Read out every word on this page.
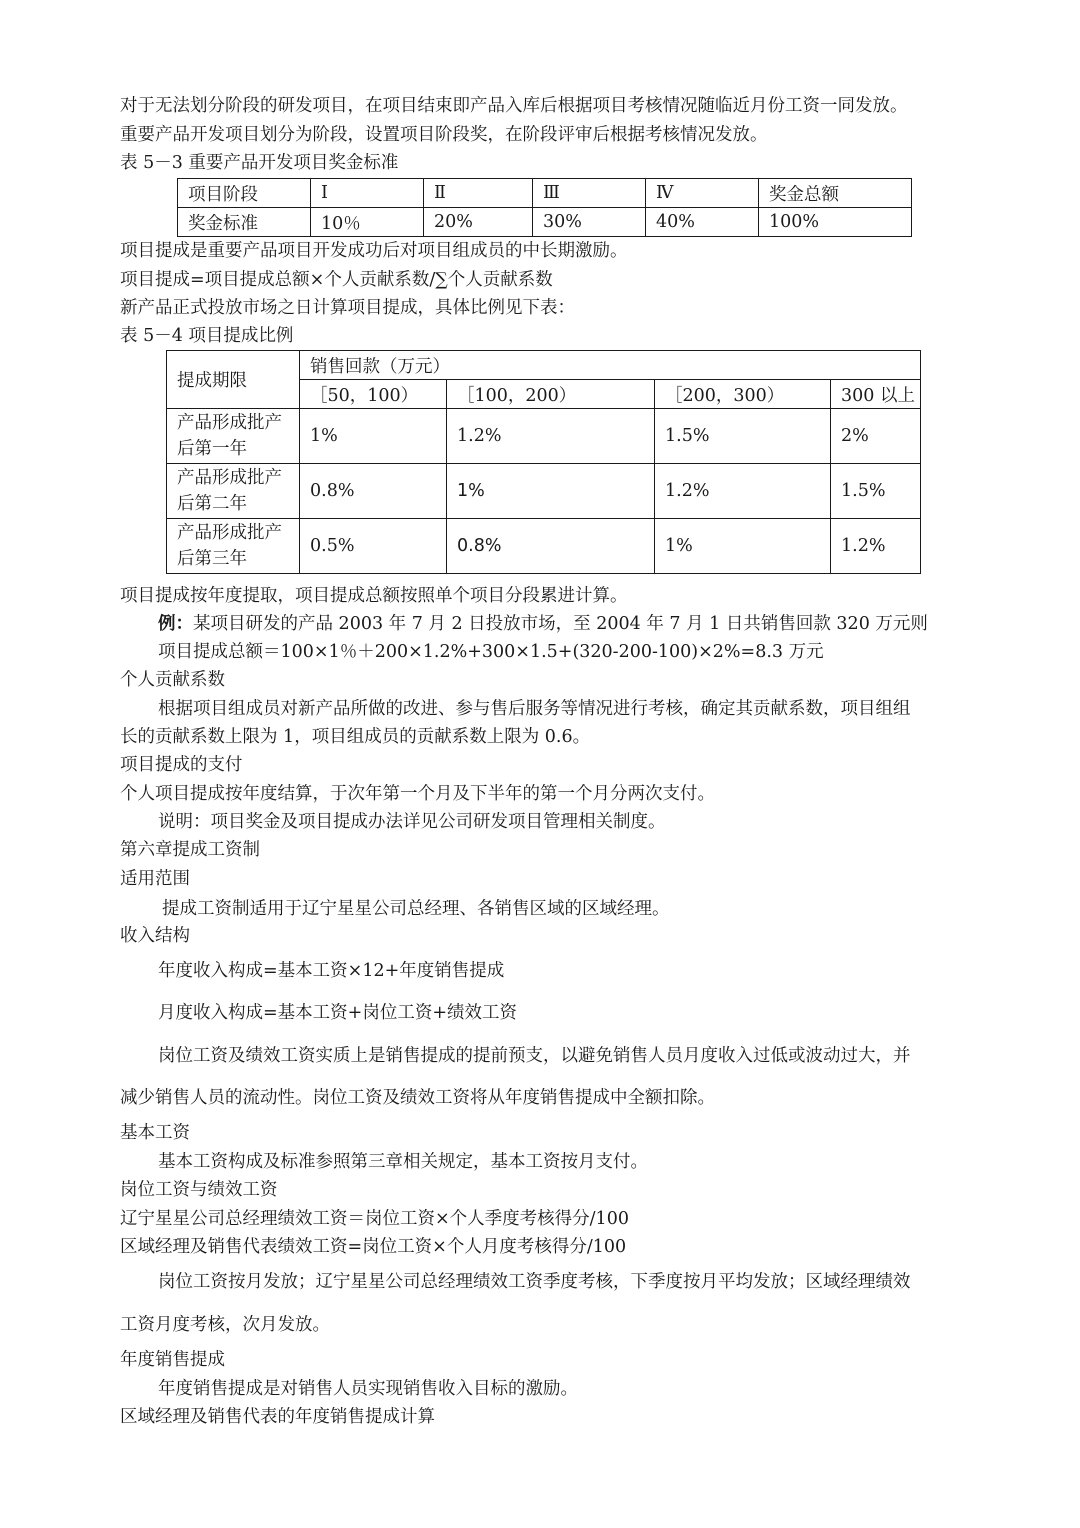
对于无法划分阶段的研发项目，在项目结束即产品入库后根据项目考核情况随临近月份工资一同发放。

重要产品开发项目划分为阶段，设置项目阶段奖，在阶段评审后根据考核情况发放。

表 5－3 重要产品开发项目奖金标准

项目阶段	Ⅰ	Ⅱ	Ⅲ	Ⅳ	奖金总额
奖金标准	10％	20%	30%	40%	100%

项目提成是重要产品项目开发成功后对项目组成员的中长期激励。

项目提成=项目提成总额×个人贡献系数/∑个人贡献系数

新产品正式投放市场之日计算项目提成，具体比例见下表：

表 5－4 项目提成比例

提成期限	销售回款（万元）			
	［50，100）	［100，200）	［200，300）	300 以上
产品形成批产后第一年	1%	1.2%	1.5%	2%
产品形成批产后第二年	0.8%	1%	1.2%	1.5%
产品形成批产后第三年	0.5%	0.8%	1%	1.2%

项目提成按年度提取，项目提成总额按照单个项目分段累进计算。

例：某项目研发的产品 2003 年 7 月 2 日投放市场，至 2004 年 7 月 1 日共销售回款 320 万元则

项目提成总额＝100×1％＋200×1.2%+300×1.5+(320-200-100)×2%=8.3 万元

个人贡献系数

根据项目组成员对新产品所做的改进、参与售后服务等情况进行考核，确定其贡献系数，项目组组

长的贡献系数上限为 1，项目组成员的贡献系数上限为 0.6。

项目提成的支付

个人项目提成按年度结算，于次年第一个月及下半年的第一个月分两次支付。

说明：项目奖金及项目提成办法详见公司研发项目管理相关制度。

第六章提成工资制

适用范围

提成工资制适用于辽宁星星公司总经理、各销售区域的区域经理。

收入结构

年度收入构成=基本工资×12+年度销售提成

月度收入构成=基本工资+岗位工资+绩效工资

岗位工资及绩效工资实质上是销售提成的提前预支，以避免销售人员月度收入过低或波动过大，并

减少销售人员的流动性。岗位工资及绩效工资将从年度销售提成中全额扣除。

基本工资

基本工资构成及标准参照第三章相关规定，基本工资按月支付。

岗位工资与绩效工资

辽宁星星公司总经理绩效工资＝岗位工资×个人季度考核得分/100

区域经理及销售代表绩效工资=岗位工资×个人月度考核得分/100

岗位工资按月发放；辽宁星星公司总经理绩效工资季度考核，下季度按月平均发放；区域经理绩效

工资月度考核，次月发放。

年度销售提成

年度销售提成是对销售人员实现销售收入目标的激励。

区域经理及销售代表的年度销售提成计算
